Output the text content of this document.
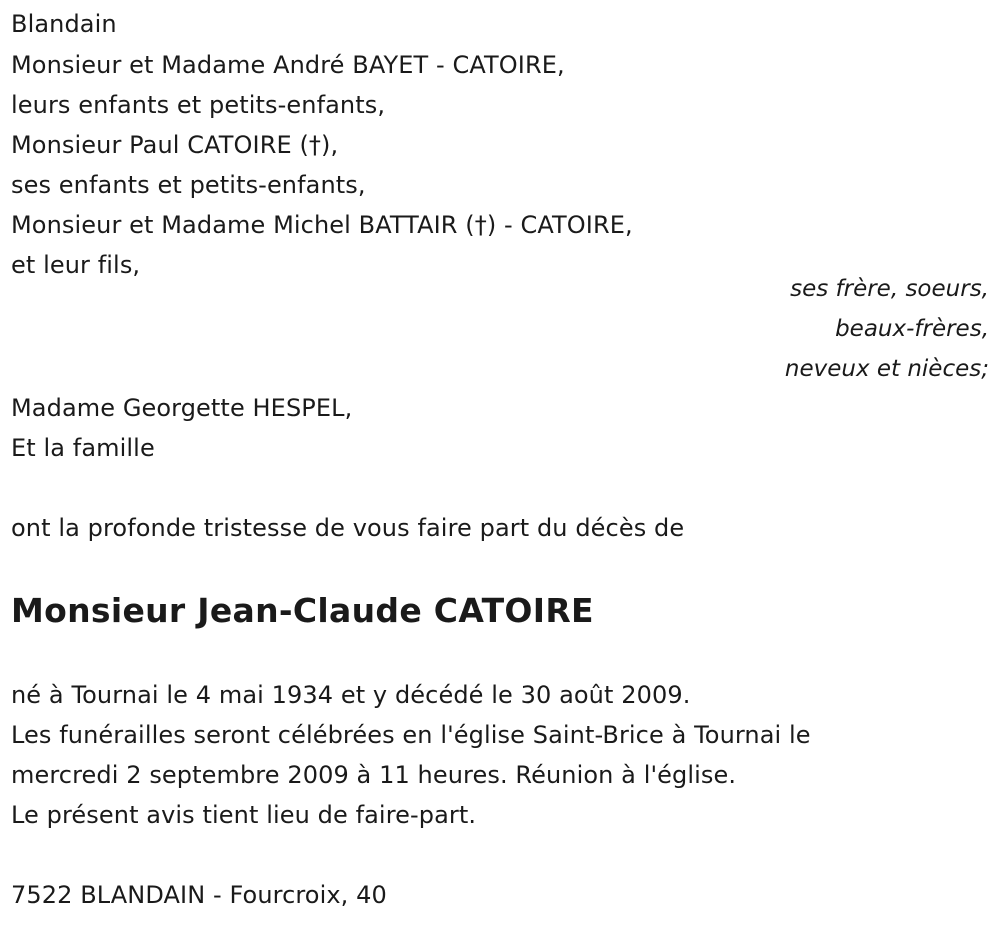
Blandain
Monsieur et Madame André BAYET - CATOIRE,
leurs enfants et petits-enfants,
Monsieur Paul CATOIRE (†),
ses enfants et petits-enfants,
Monsieur et Madame Michel BATTAIR (†) - CATOIRE,
et leur fils,
ses frère, soeurs,
beaux-frères,
neveux et nièces;
Madame Georgette HESPEL,
Et la famille
ont la profonde tristesse de vous faire part du décès de
Monsieur Jean-Claude CATOIRE
né à Tournai le 4 mai 1934 et y décédé le 30 août 2009.
Les funérailles seront célébrées en l'église Saint-Brice à Tournai le
mercredi 2 septembre 2009 à 11 heures. Réunion à l'église.
Le présent avis tient lieu de faire-part.
7522 BLANDAIN - Fourcroix, 40
